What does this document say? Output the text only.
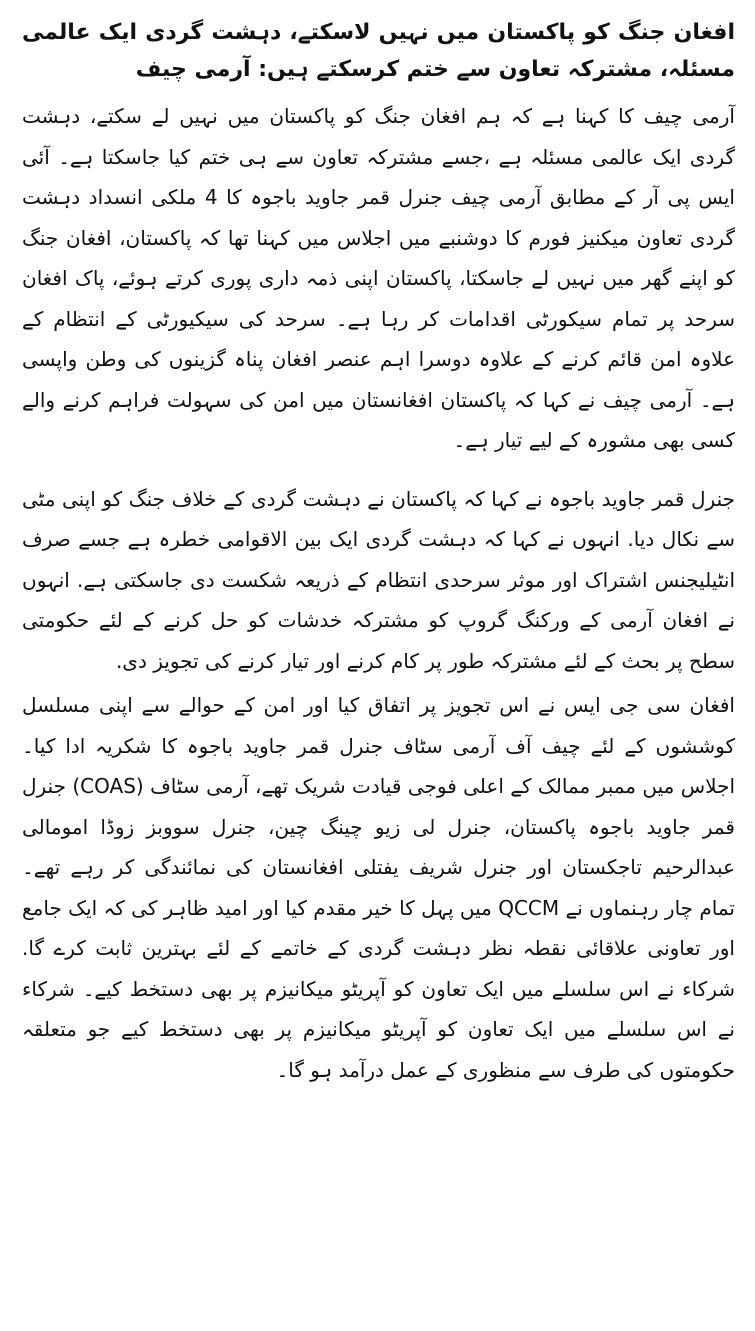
افغان جنگ کو پاکستان میں نہیں لاسکتے، دہشت گردی ایک عالمی مسئلہ، مشترکہ تعاون سے ختم کرسکتے ہیں: آرمی چیف

آرمی چیف کا کہنا ہے کہ ہم افغان جنگ کو پاکستان میں نہیں لے سکتے، دہشت گردی ایک عالمی مسئلہ ہے ،جسے مشترکہ تعاون سے ہی ختم کیا جاسکتا ہے۔ آئی ایس پی آر کے مطابق آرمی چیف جنرل قمر جاوید باجوہ کا 4 ملکی انسداد دہشت گردی تعاون میکنیز فورم کا دوشنبے میں اجلاس میں کہنا تھا کہ پاکستان، افغان جنگ کو اپنے گھر میں نہیں لے جاسکتا، پاکستان اپنی ذمہ داری پوری کرتے ہوئے، پاک افغان سرحد پر تمام سیکورٹی اقدامات کر رہا ہے۔ سرحد کی سیکیورٹی کے انتظام کے علاوہ امن قائم کرنے کے علاوہ دوسرا اہم عنصر افغان پناہ گزینوں کی وطن واپسی ہے۔ آرمی چیف نے کہا کہ پاکستان افغانستان میں امن کی سہولت فراہم کرنے والے کسی بھی مشورہ کے لیے تیار ہے۔

جنرل قمر جاوید باجوہ نے کہا کہ پاکستان نے دہشت گردی کے خلاف جنگ کو اپنی مٹی سے نکال دیا. انہوں نے کہا کہ دہشت گردی ایک بین الاقوامی خطرہ ہے جسے صرف انٹیلیجنس اشتراک اور موثر سرحدی انتظام کے ذریعہ شکست دی جاسکتی ہے. انہوں نے افغان آرمی کے ورکنگ گروپ کو مشترکہ خدشات کو حل کرنے کے لئے حکومتی سطح پر بحث کے لئے مشترکہ طور پر کام کرنے اور تیار کرنے کی تجویز دی.

افغان سی جی ایس نے اس تجویز پر اتفاق کیا اور امن کے حوالے سے اپنی مسلسل کوششوں کے لئے چیف آف آرمی سٹاف جنرل قمر جاوید باجوہ کا شکریہ ادا کیا۔ اجلاس میں ممبر ممالک کے اعلی فوجی قیادت شریک تھے، آرمی سٹاف (COAS) جنرل قمر جاوید باجوہ پاکستان، جنرل لی زیو چینگ چین، جنرل سووبز زوڈا امومالی عبدالرحیم تاجکستان اور جنرل شریف یفتلی افغانستان کی نمائندگی کر رہے تھے۔ تمام چار رہنماوں نے QCCM میں پہل کا خیر مقدم کیا اور امید ظاہر کی کہ ایک جامع اور تعاونی علاقائی نقطہ نظر دہشت گردی کے خاتمے کے لئے بہترین ثابت کرے گا. شرکاء نے اس سلسلے میں ایک تعاون کو آپریٹو میکانیزم پر بھی دستخط کیے۔ شرکاء نے اس سلسلے میں ایک تعاون کو آپریٹو میکانیزم پر بھی دستخط کیے جو متعلقہ حکومتوں کی طرف سے منظوری کے عمل درآمد ہو گا۔
